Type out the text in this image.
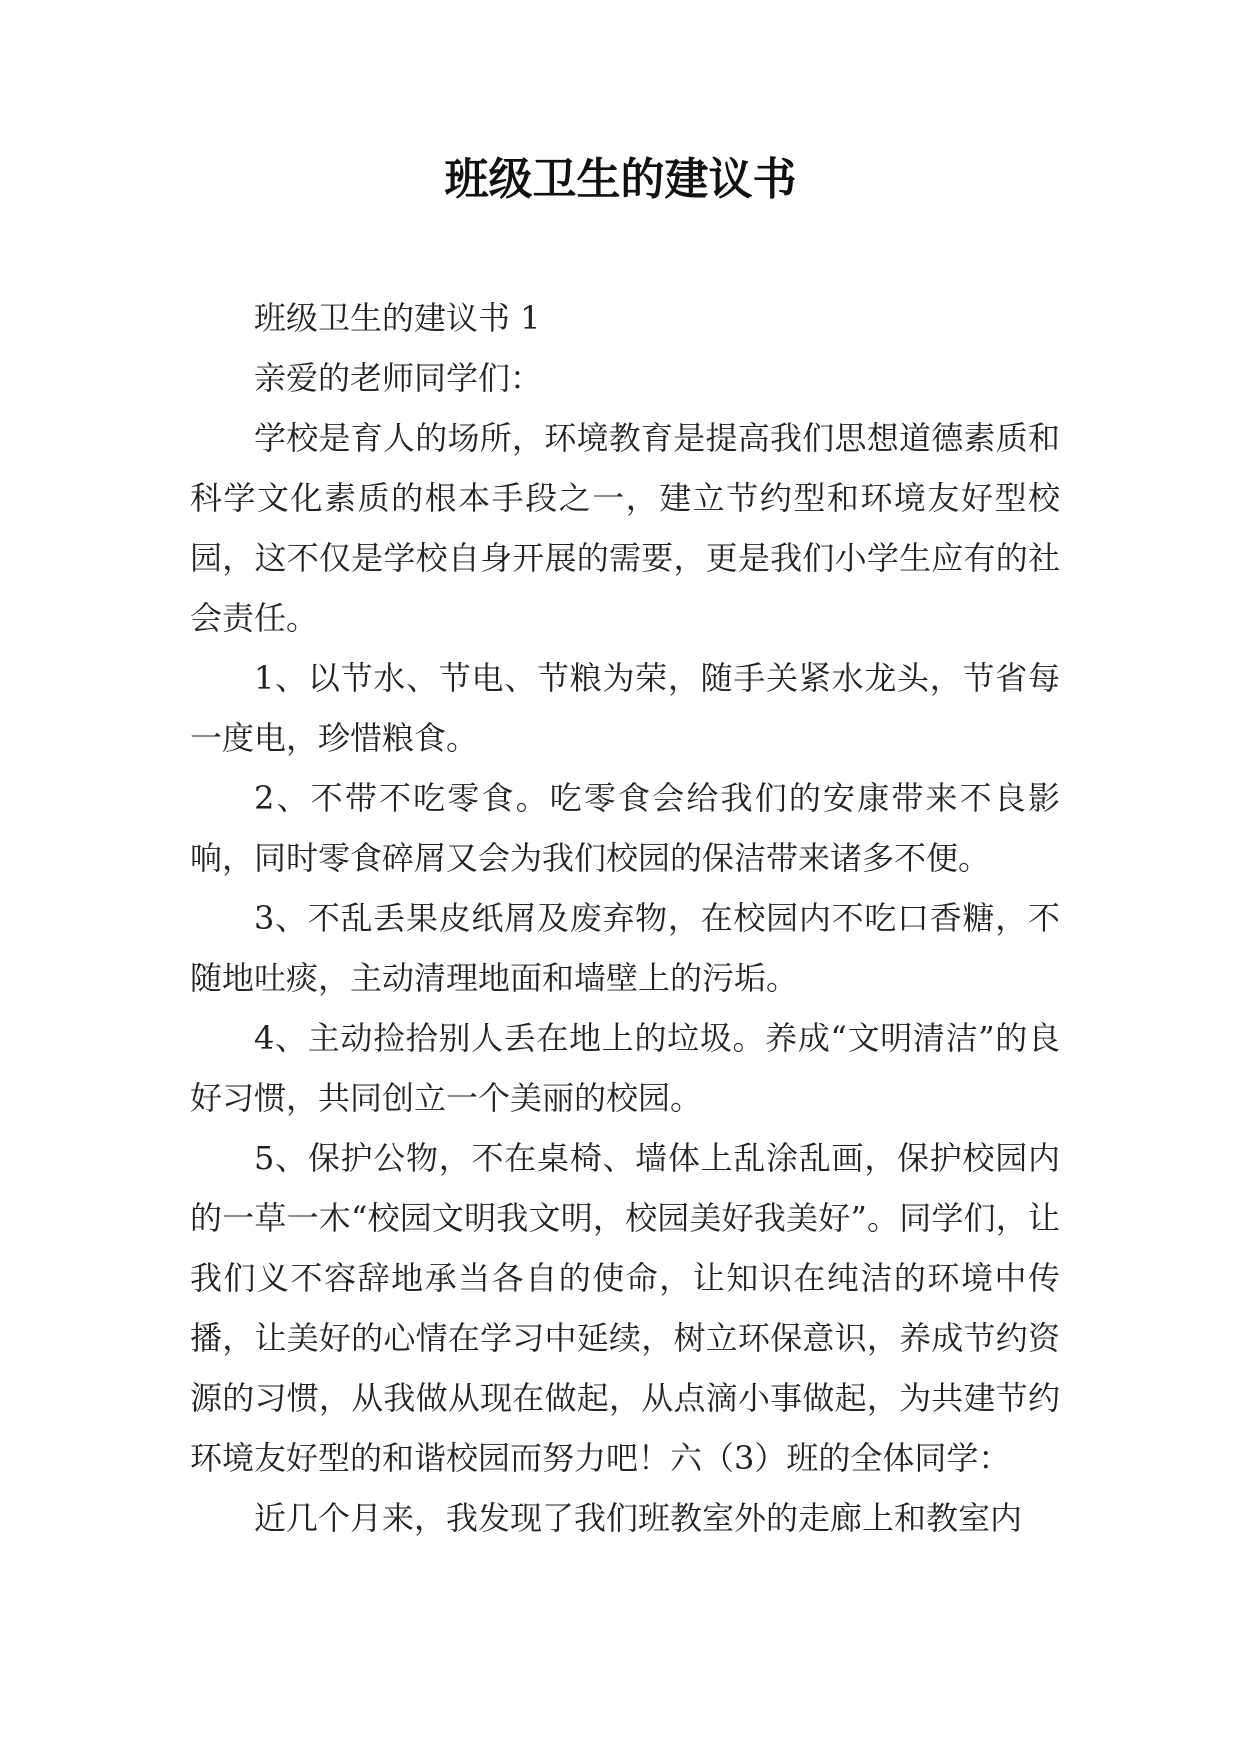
班级卫生的建议书

班级卫生的建议书 1

亲爱的老师同学们：

学校是育人的场所，环境教育是提高我们思想道德素质和科学文化素质的根本手段之一，建立节约型和环境友好型校园，这不仅是学校自身开展的需要，更是我们小学生应有的社会责任。

1、以节水、节电、节粮为荣，随手关紧水龙头，节省每一度电，珍惜粮食。

2、不带不吃零食。吃零食会给我们的安康带来不良影响，同时零食碎屑又会为我们校园的保洁带来诸多不便。

3、不乱丢果皮纸屑及废弃物，在校园内不吃口香糖，不随地吐痰，主动清理地面和墙壁上的污垢。

4、主动捡拾别人丢在地上的垃圾。养成“文明清洁”的良好习惯，共同创立一个美丽的校园。

5、保护公物，不在桌椅、墙体上乱涂乱画，保护校园内的一草一木“校园文明我文明，校园美好我美好”。同学们，让我们义不容辞地承当各自的使命，让知识在纯洁的环境中传播，让美好的心情在学习中延续，树立环保意识，养成节约资源的习惯，从我做从现在做起，从点滴小事做起，为共建节约环境友好型的和谐校园而努力吧！六（3）班的全体同学：

近几个月来，我发现了我们班教室外的走廊上和教室内
